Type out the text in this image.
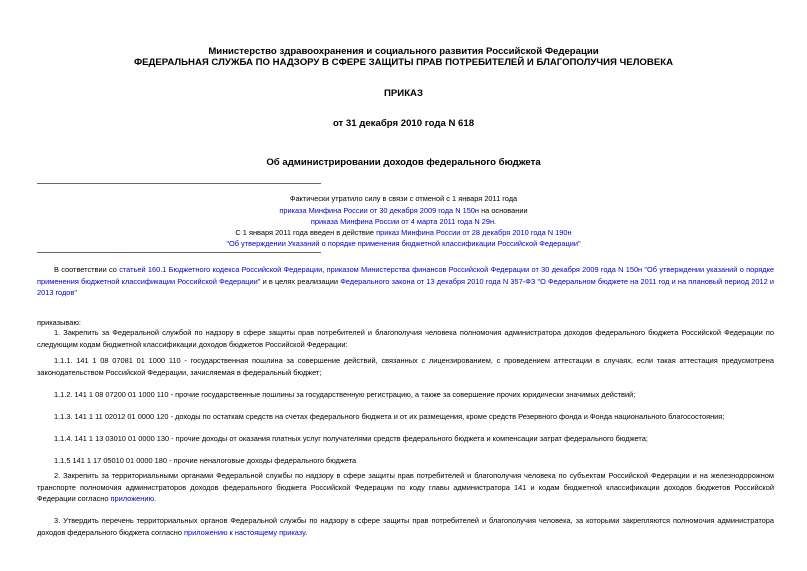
Министерство здравоохранения и социального развития Российской Федерации
ФЕДЕРАЛЬНАЯ СЛУЖБА ПО НАДЗОРУ В СФЕРЕ ЗАЩИТЫ ПРАВ ПОТРЕБИТЕЛЕЙ И БЛАГОПОЛУЧИЯ ЧЕЛОВЕКА
ПРИКАЗ
от 31 декабря 2010 года N 618
Об администрировании доходов федерального бюджета
Фактически утратило силу в связи с отменой с 1 января 2011 года
приказа Минфина России от 30 декабря 2009 года N 150н на основании
приказа Минфина России от 4 марта 2011 года N 29н.
С 1 января 2011 года введен в действие приказ Минфина России от 28 декабря 2010 года N 190н
"Об утверждении Указаний о порядке применения бюджетной классификации Российской Федерации"
В соответствии со статьей 160.1 Бюджетного кодекса Российской Федерации, приказом Министерства финансов Российской Федерации от 30 декабря 2009 года N 150н "Об утверждении указаний о порядке применения бюджетной классификации Российской Федерации" и в целях реализации Федерального закона от 13 декабря 2010 года N 357-ФЗ "О Федеральном бюджете на 2011 год и на плановый период 2012 и 2013 годов"
приказываю:
1. Закрепить за Федеральной службой по надзору в сфере защиты прав потребителей и благополучия человека полномочия администратора доходов федерального бюджета Российской Федерации по следующим кодам бюджетной классификации доходов бюджетов Российской Федерации:
1.1.1. 141 1 08 07081 01 1000 110 - государственная пошлина за совершение действий, связанных с лицензированием, с проведением аттестации в случаях, если такая аттестация предусмотрена законодательством Российской Федерации, зачисляемая в федеральный бюджет;
1.1.2. 141 1 08 07200 01 1000 110 - прочие государственные пошлины за государственную регистрацию, а также за совершение прочих юридически значимых действий;
1.1.3. 141 1 11 02012 01 0000 120 - доходы по остаткам средств на счетах федерального бюджета и от их размещения, кроме средств Резервного фонда и Фонда национального благосостояния;
1.1.4. 141 1 13 03010 01 0000 130 - прочие доходы от оказания платных услуг получателями средств федерального бюджета и компенсации затрат федерального бюджета;
1.1.5 141 1 17 05010 01 0000 180 - прочие неналоговые доходы федерального бюджета
2. Закрепить за территориальными органами Федеральной службы по надзору в сфере защиты прав потребителей и благополучия человека по субъектам Российской Федерации и на железнодорожном транспорте полномочия администраторов доходов федерального бюджета Российской Федерации по коду главы администратора 141 и кодам бюджетной классификации доходов бюджетов Российской Федерации согласно приложению.
3. Утвердить перечень территориальных органов Федеральной службы по надзору в сфере защиты прав потребителей и благополучия человека, за которыми закрепляются полномочия администратора доходов федерального бюджета согласно приложению к настоящему приказу.
